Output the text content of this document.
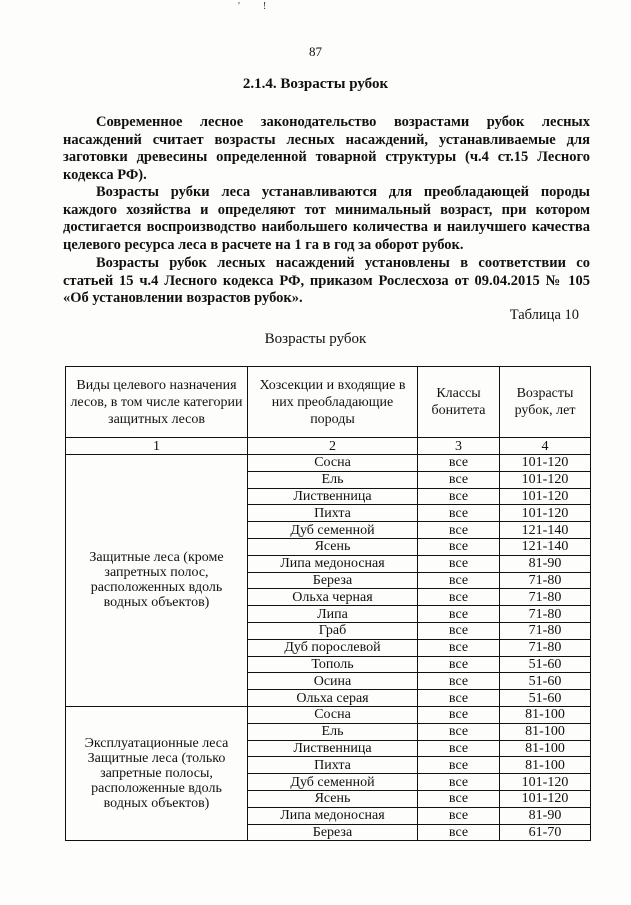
' !
87
2.1.4. Возрасты рубок
Современное лесное законодательство возрастами рубок лесных насаждений считает возрасты лесных насаждений, устанавливаемые для заготовки древесины определенной товарной структуры (ч.4 ст.15 Лесного кодекса РФ).
Возрасты рубки леса устанавливаются для преобладающей породы каждого хозяйства и определяют тот минимальный возраст, при котором достигается воспроизводство наибольшего количества и наилучшего качества целевого ресурса леса в расчете на 1 га в год за оборот рубок.
Возрасты рубок лесных насаждений установлены в соответствии со статьей 15 ч.4 Лесного кодекса РФ, приказом Рослесхоза от 09.04.2015 № 105 «Об установлении возрастов рубок».
Таблица 10
Возрасты рубок
Виды целевого назначения лесов, в том числе категории защитных лесов	Хозсекции и входящие в них преобладающие породы	Классы бонитета	Возрасты рубок, лет
1	2	3	4
Защитные леса (кроме запретных полос, расположенных вдоль водных объектов)	Сосна	все	101-120
	Ель	все	101-120
	Лиственница	все	101-120
	Пихта	все	101-120
	Дуб семенной	все	121-140
	Ясень	все	121-140
	Липа медоносная	все	81-90
	Береза	все	71-80
	Ольха черная	все	71-80
	Липа	все	71-80
	Граб	все	71-80
	Дуб порослевой	все	71-80
	Тополь	все	51-60
	Осина	все	51-60
	Ольха серая	все	51-60
Эксплуатационные леса Защитные леса (только запретные полосы, расположенные вдоль водных объектов)	Сосна	все	81-100
	Ель	все	81-100
	Лиственница	все	81-100
	Пихта	все	81-100
	Дуб семенной	все	101-120
	Ясень	все	101-120
	Липа медоносная	все	81-90
	Береза	все	61-70
